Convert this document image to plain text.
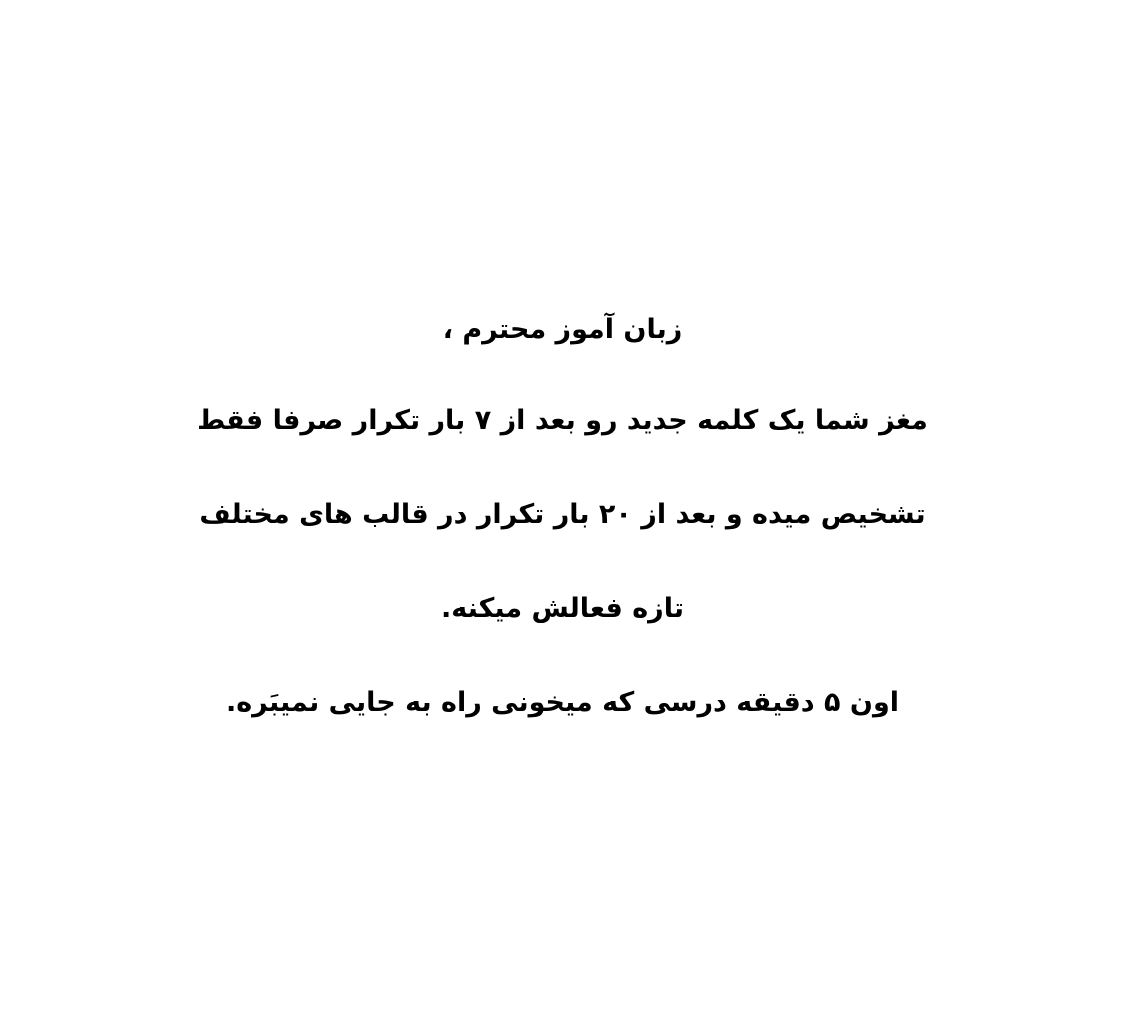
زبان آموز محترم ،
مغز شما یک کلمه جدید رو بعد از ۷ بار تکرار صرفا فقط
تشخیص میده و بعد از ۲۰ بار تکرار در قالب های مختلف
تازه فعالش میکنه.
اون ۵ دقیقه درسی که میخونی راه به جایی نمیبَره.
